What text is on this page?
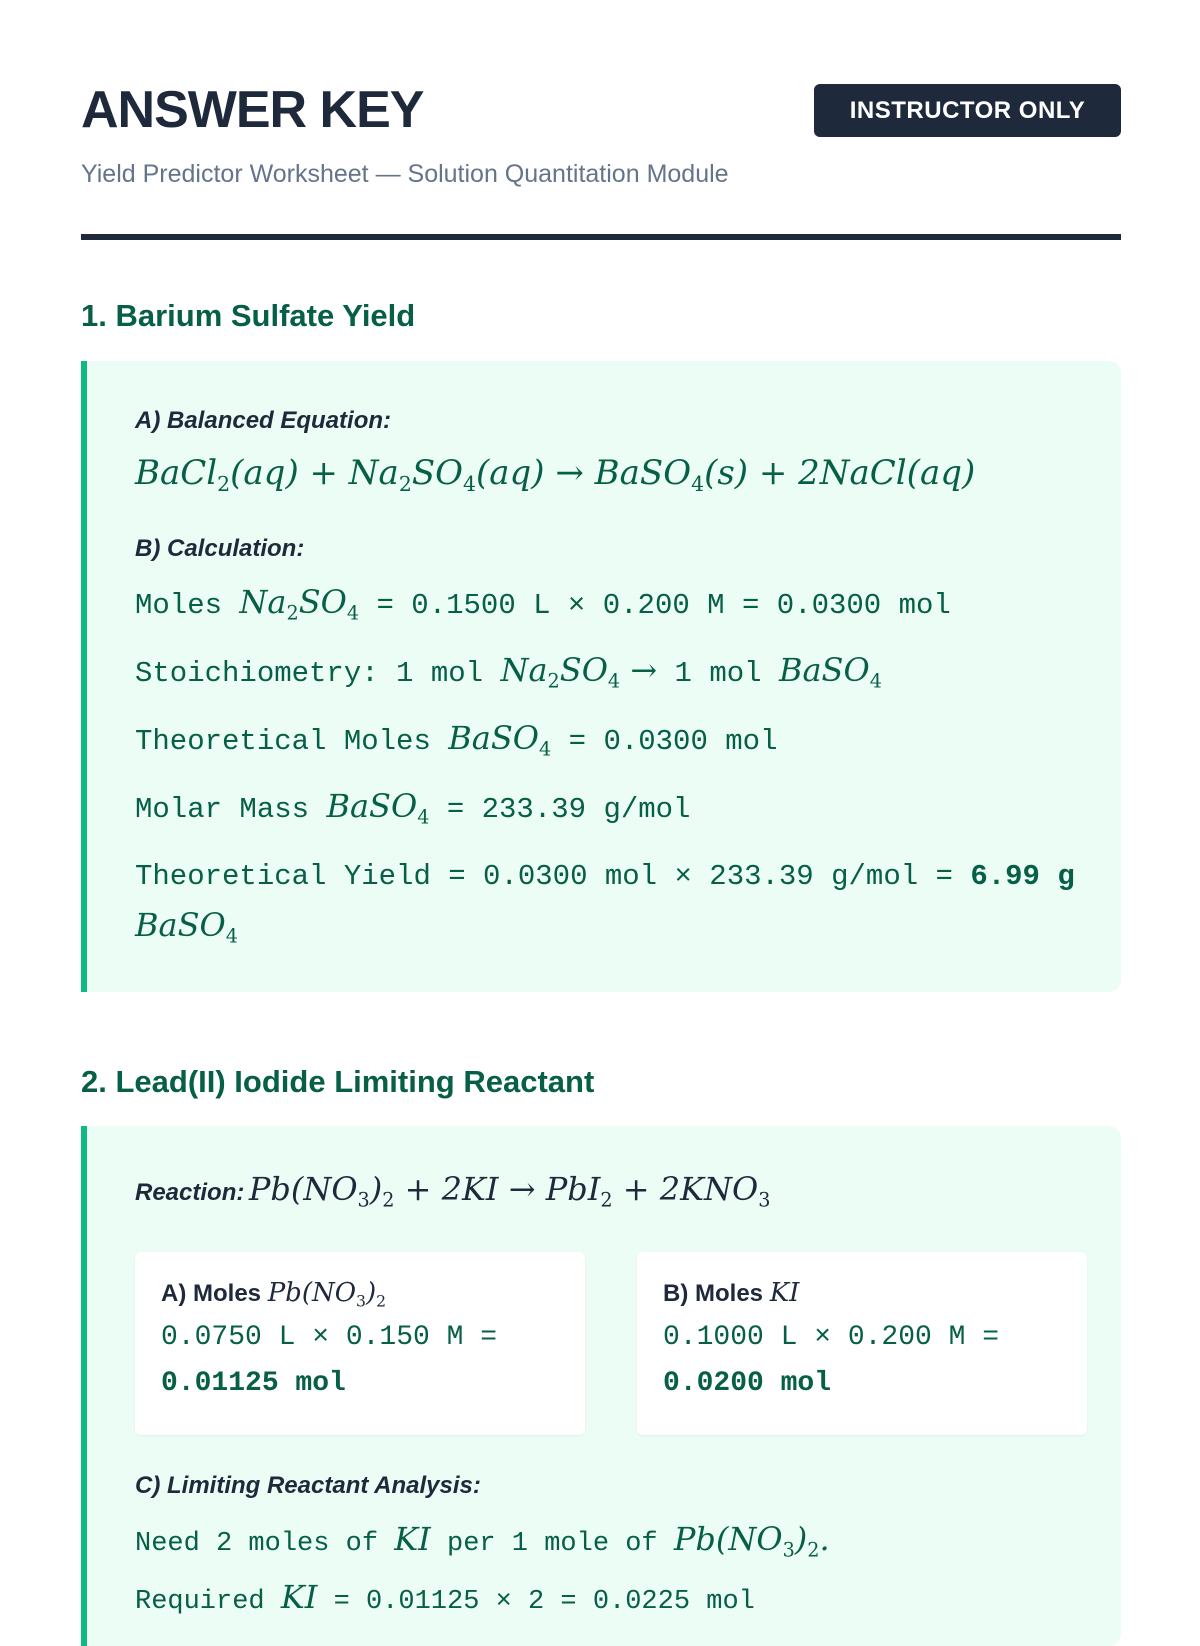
ANSWER KEY	INSTRUCTOR ONLY
Yield Predictor Worksheet — Solution Quantitation Module
1. Barium Sulfate Yield
A) Balanced Equation:
BaCl$_2$(aq) + $Na_2SO_4(aq)$ → BaSO$_4$(s) + 2NaCl(aq)
B) Calculation:
Moles $Na_2SO_4 = 0.1500$ L × 0.200 M = 0.0300 mol
Stoichiometry: 1 mol $Na_2SO_4 \to 1$ mol BaSO$_4$
Theoretical Moles BaSO$_4$ = 0.0300 mol
Molar Mass BaSO$_4$ = 233.39 g/mol
Theoretical Yield = 0.0300 mol × 233.39 g/mol = 6.99 g BaSO$_4$
2. Lead(II) Iodide Limiting Reactant
Reaction: $Pb(NO_3)_2 + 2KI \to PbI_2 + 2KNO_3$
A) Moles $Pb(NO_3)_2$
0.0750 L × 0.150 M =
0.01125 mol
B) Moles KI
0.1000 L × 0.200 M =
0.0200 mol
C) Limiting Reactant Analysis:
Need 2 moles of KI per 1 mole of $Pb(NO_3)_2$.
Required KI = 0.01125 × 2 = 0.0225 mol
